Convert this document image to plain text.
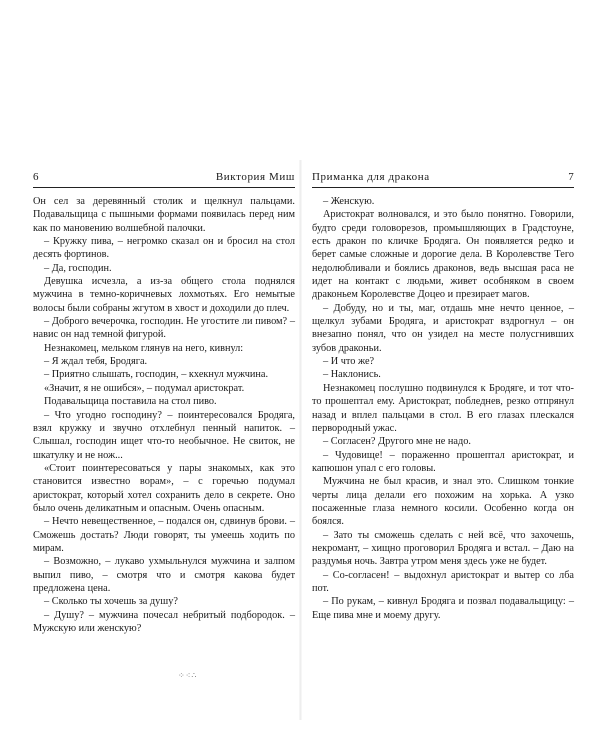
6	Виктория Миш

Он сел за деревянный столик и щелкнул пальцами. Подавальщица с пышными формами появилась перед ним как по мановению волшебной палочки.

– Кружку пива, – негромко сказал он и бросил на стол десять фортинов.

– Да, господин.

Девушка исчезла, а из-за общего стола поднялся мужчина в темно-коричневых лохмотьях. Его немытые волосы были собраны жгутом в хвост и доходили до плеч.

– Доброго вечерочка, господин. Не угостите ли пивом? – навис он над темной фигурой.

Незнакомец, мельком глянув на него, кивнул:

– Я ждал тебя, Бродяга.

– Приятно слышать, господин, – кхекнул мужчина.

«Значит, я не ошибся», – подумал аристократ.

Подавальщица поставила на стол пиво.

– Что угодно господину? – поинтересовался Бродяга, взял кружку и звучно отхлебнул пенный напиток. – Слышал, господин ищет что-то необычное. Не свиток, не шкатулку и не нож...

«Стоит поинтересоваться у пары знакомых, как это становится известно ворам», – с горечью подумал аристократ, который хотел сохранить дело в секрете. Оно было очень деликатным и опасным. Очень опасным.

– Нечто невещественное, – подался он, сдвинув брови. – Сможешь достать? Люди говорят, ты умеешь ходить по мирам.

– Возможно, – лукаво ухмыльнулся мужчина и залпом выпил пиво, – смотря что и смотря какова будет предложена цена.

– Сколько ты хочешь за душу?

– Душу? – мужчина почесал небритый подбородок. – Мужскую или женскую?

Приманка для дракона	7

– Женскую.

Аристократ волновался, и это было понятно. Говорили, будто среди головорезов, промышляющих в Градстоуне, есть дракон по кличке Бродяга. Он появляется редко и берет самые сложные и дорогие дела. В Королевстве Тего недолюбливали и боялись драконов, ведь высшая раса не идет на контакт с людьми, живет особняком в своем драконьем Королевстве Доцео и презирает магов.

– Добуду, но и ты, маг, отдашь мне нечто ценное, – щелкул зубами Бродяга, и аристократ вздрогнул – он внезапно понял, что он узидел на месте полусгнивших зубов драконьи.

– И что же?

– Наклонись.

Незнакомец послушно подвинулся к Бродяге, и тот что-то прошептал ему. Аристократ, побледнев, резко отпрянул назад и вплел пальцами в стол. В его глазах плескался первородный ужас.

– Согласен? Другого мне не надо.

– Чудовище! – пораженно прошептал аристократ, и капюшон упал с его головы.

Мужчина не был красив, и знал это. Слишком тонкие черты лица делали его похожим на хорька. А узко посаженные глаза немного косили. Особенно когда он боялся.

– Зато ты сможешь сделать с ней всё, что захочешь, некромант, – хищно проговорил Бродяга и встал. – Даю на раздумья ночь. Завтра утром меня здесь уже не будет.

– Со-согласен! – выдохнул аристократ и вытер со лба пот.

– По рукам, – кивнул Бродяга и позвал подавальщицу: – Еще пива мне и моему другу.

⁘⁖∴
